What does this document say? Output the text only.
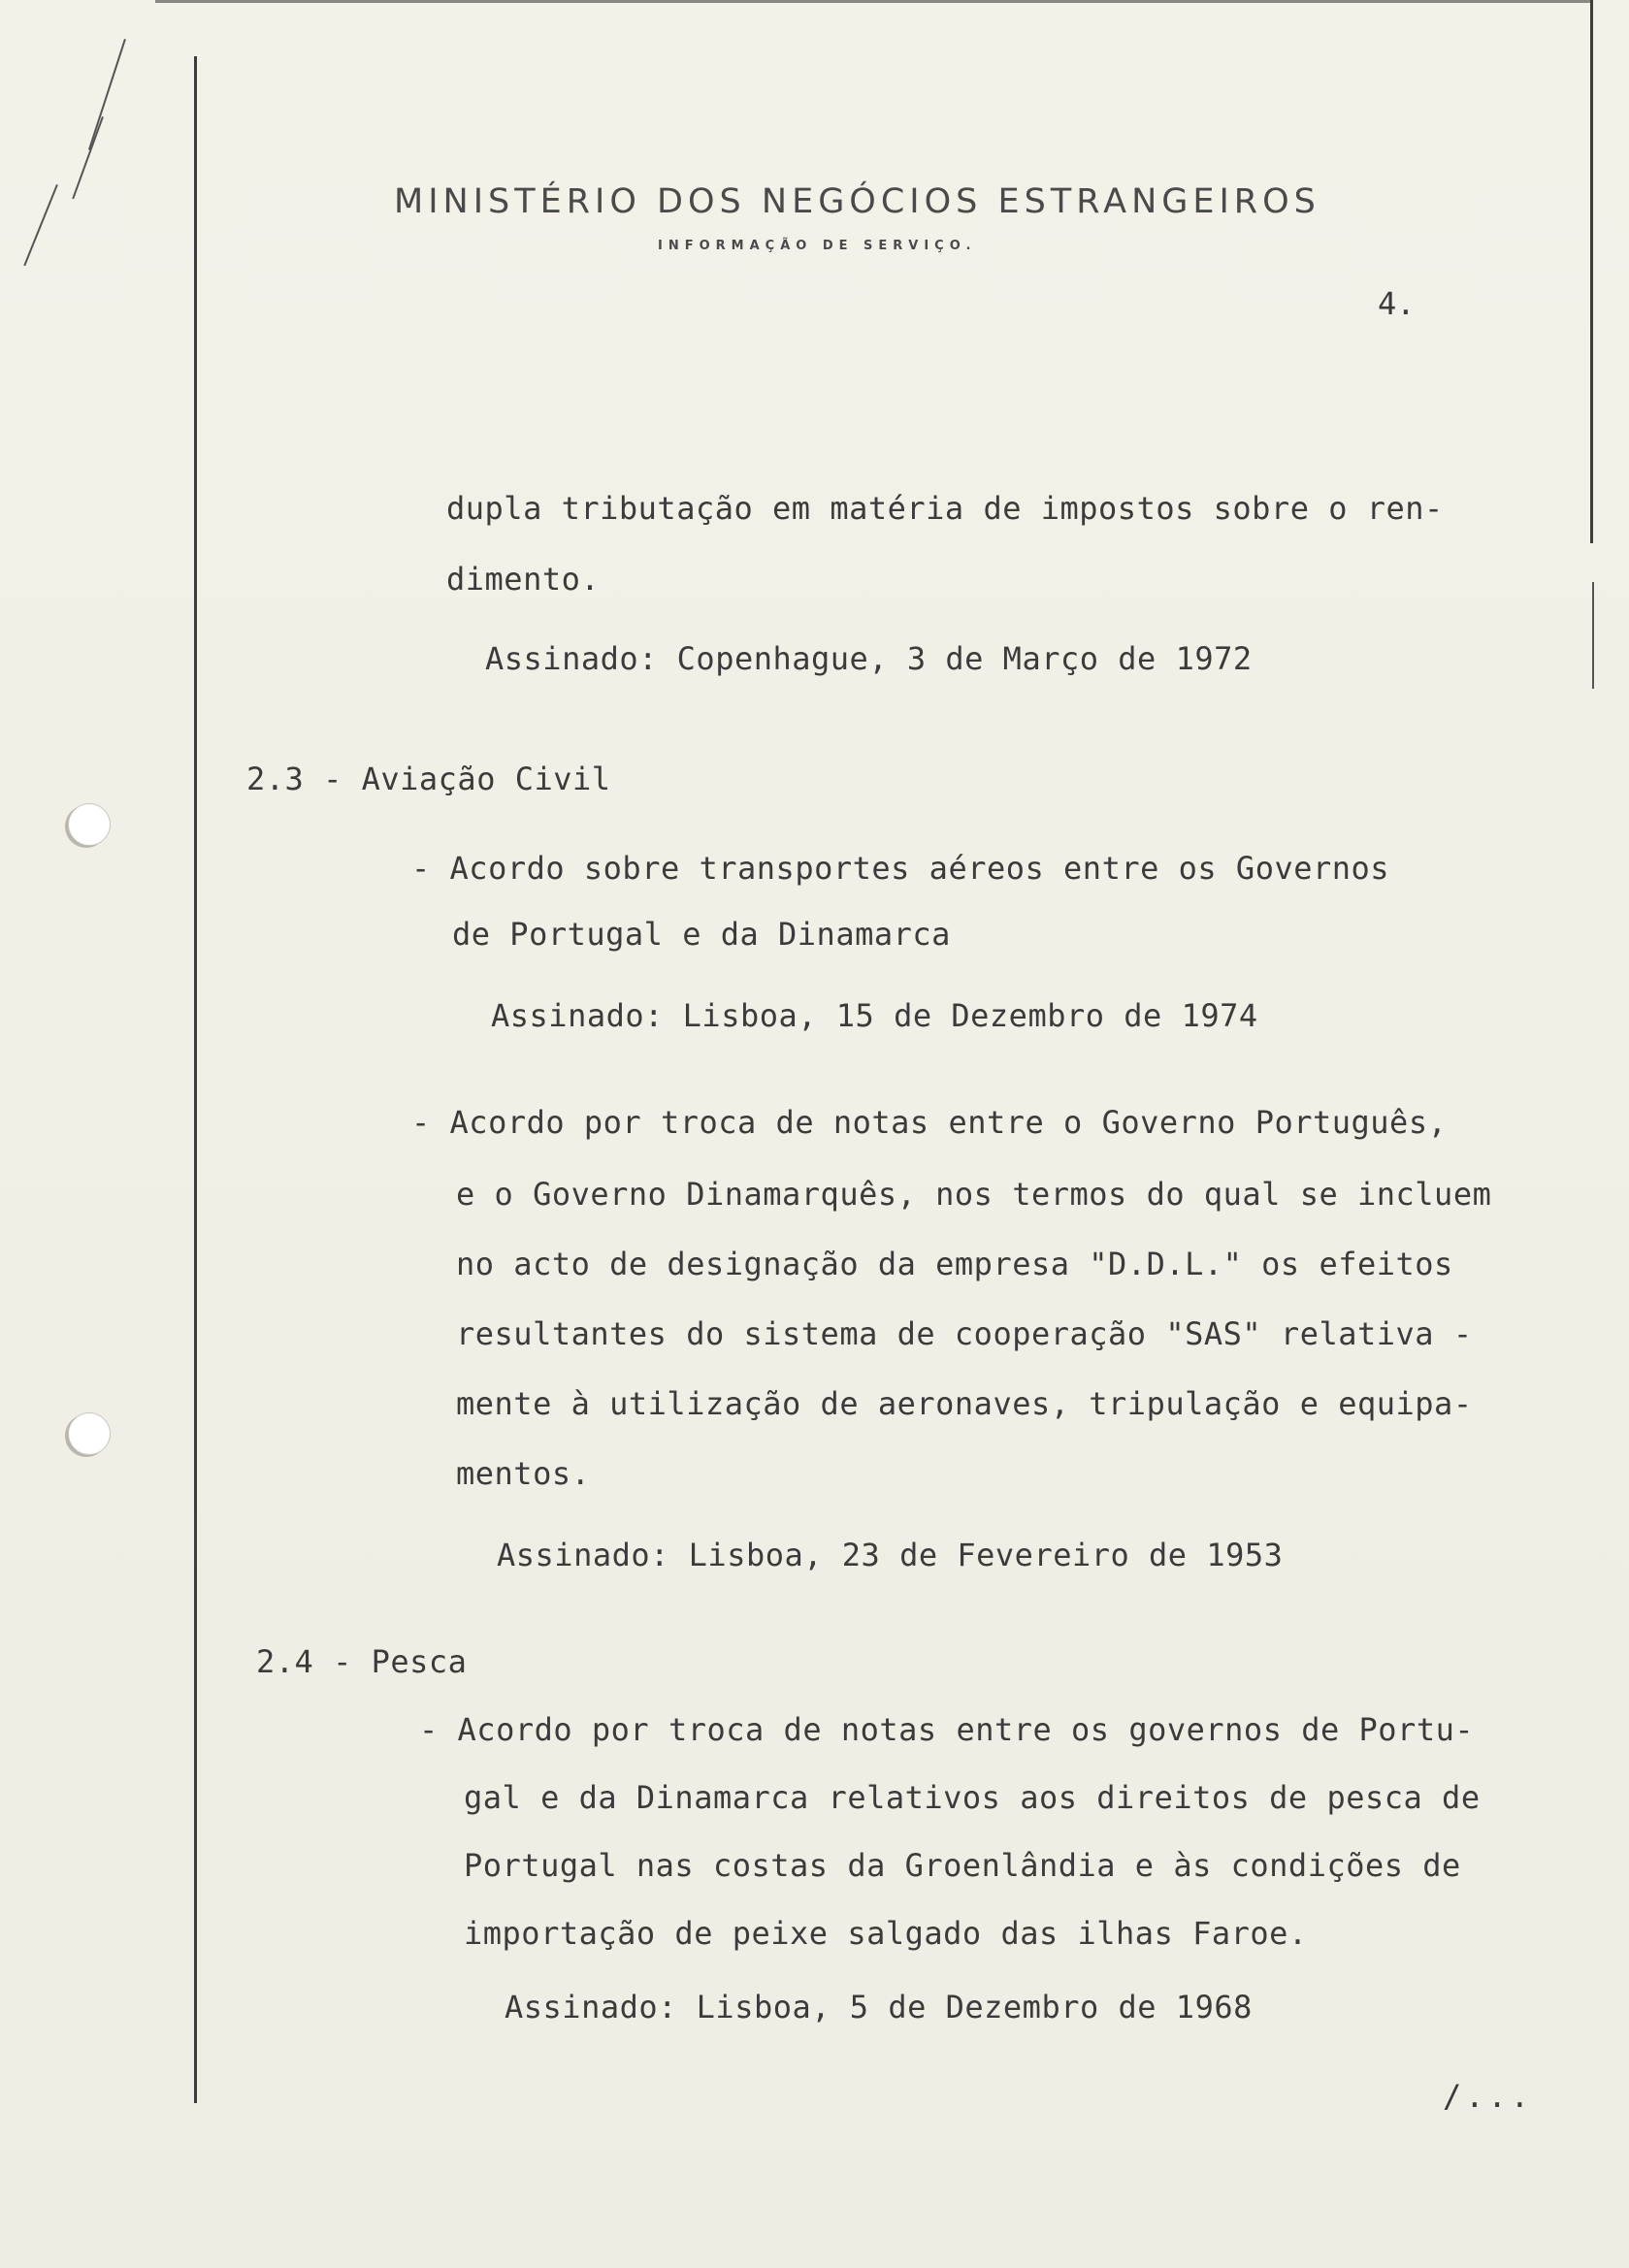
MINISTÉRIO DOS NEGÓCIOS ESTRANGEIROS
INFORMAÇÃO DE SERVIÇO.
4.
dupla tributação em matéria de impostos sobre o ren-
dimento.
Assinado: Copenhague, 3 de Março de 1972
2.3 - Aviação Civil
- Acordo sobre transportes aéreos entre os Governos
de Portugal e da Dinamarca
Assinado: Lisboa, 15 de Dezembro de 1974
- Acordo por troca de notas entre o Governo Português,
e o Governo Dinamarquês, nos termos do qual se incluem
no acto de designação da empresa "D.D.L." os efeitos
resultantes do sistema de cooperação "SAS" relativa -
mente à utilização de aeronaves, tripulação e equipa-
mentos.
Assinado: Lisboa, 23 de Fevereiro de 1953
2.4 - Pesca
- Acordo por troca de notas entre os governos de Portu-
gal e da Dinamarca relativos aos direitos de pesca de
Portugal nas costas da Groenlândia e às condições de
importação de peixe salgado das ilhas Faroe.
Assinado: Lisboa, 5 de Dezembro de 1968
/...
